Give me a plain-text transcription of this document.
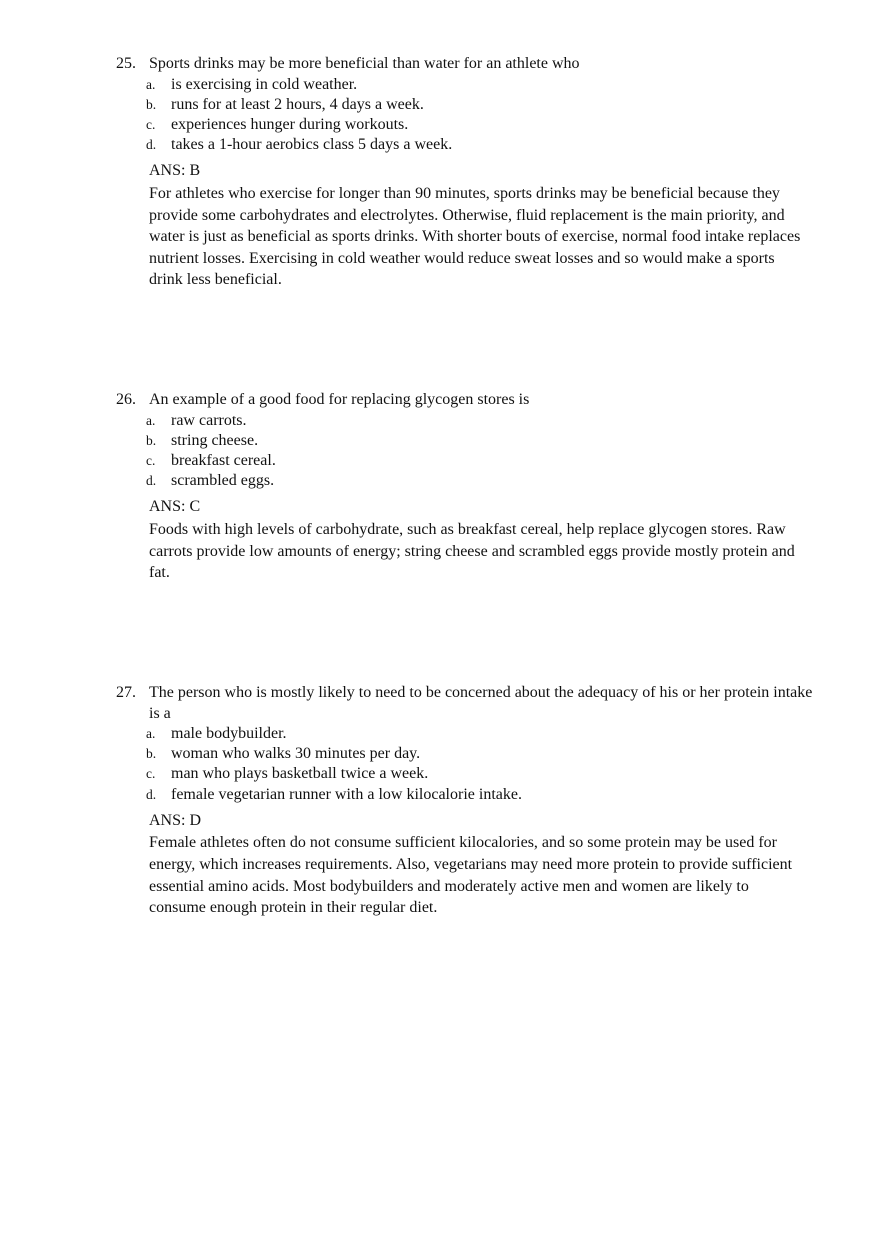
25. Sports drinks may be more beneficial than water for an athlete who
a. is exercising in cold weather.
b. runs for at least 2 hours, 4 days a week.
c. experiences hunger during workouts.
d. takes a 1-hour aerobics class 5 days a week.

ANS: B

For athletes who exercise for longer than 90 minutes, sports drinks may be beneficial because they provide some carbohydrates and electrolytes. Otherwise, fluid replacement is the main priority, and water is just as beneficial as sports drinks. With shorter bouts of exercise, normal food intake replaces nutrient losses. Exercising in cold weather would reduce sweat losses and so would make a sports drink less beneficial.

26. An example of a good food for replacing glycogen stores is
a. raw carrots.
b. string cheese.
c. breakfast cereal.
d. scrambled eggs.

ANS: C

Foods with high levels of carbohydrate, such as breakfast cereal, help replace glycogen stores. Raw carrots provide low amounts of energy; string cheese and scrambled eggs provide mostly protein and fat.

27. The person who is mostly likely to need to be concerned about the adequacy of his or her protein intake is a
a. male bodybuilder.
b. woman who walks 30 minutes per day.
c. man who plays basketball twice a week.
d. female vegetarian runner with a low kilocalorie intake.

ANS: D

Female athletes often do not consume sufficient kilocalories, and so some protein may be used for energy, which increases requirements. Also, vegetarians may need more protein to provide sufficient essential amino acids. Most bodybuilders and moderately active men and women are likely to consume enough protein in their regular diet.
